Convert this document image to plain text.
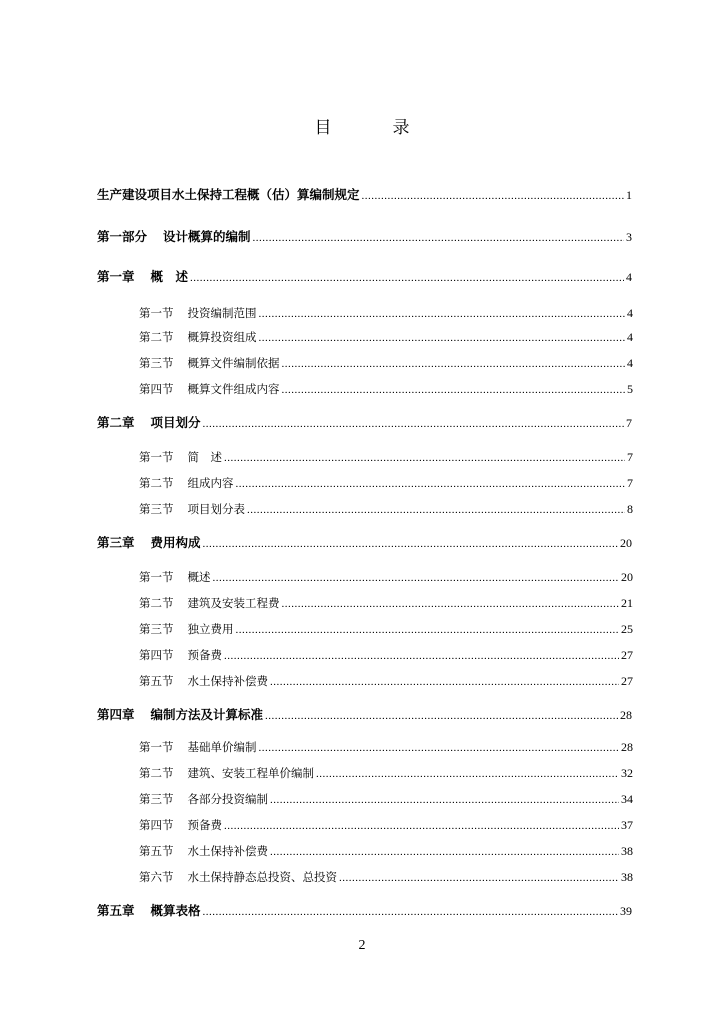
目　录
生产建设项目水土保持工程概（估）算编制规定 .....	1
第一部分 设计概算的编制 .....	3
第一章 概　述 .....	4
第一节 投资编制范围 .....	4
第二节 概算投资组成 .....	4
第三节 概算文件编制依据 .....	4
第四节 概算文件组成内容 .....	5
第二章 项目划分 .....	7
第一节 简　述 .....	7
第二节 组成内容 .....	7
第三节 项目划分表 .....	8
第三章 费用构成 .....	20
第一节 概述 .....	20
第二节 建筑及安装工程费 .....	21
第三节 独立费用 .....	25
第四节 预备费 .....	27
第五节 水土保持补偿费 .....	27
第四章 编制方法及计算标准 .....	28
第一节 基础单价编制 .....	28
第二节 建筑、安装工程单价编制 .....	32
第三节 各部分投资编制 .....	34
第四节 预备费 .....	37
第五节 水土保持补偿费 .....	38
第六节 水土保持静态总投资、总投资 .....	38
第五章 概算表格 .....	39
2
